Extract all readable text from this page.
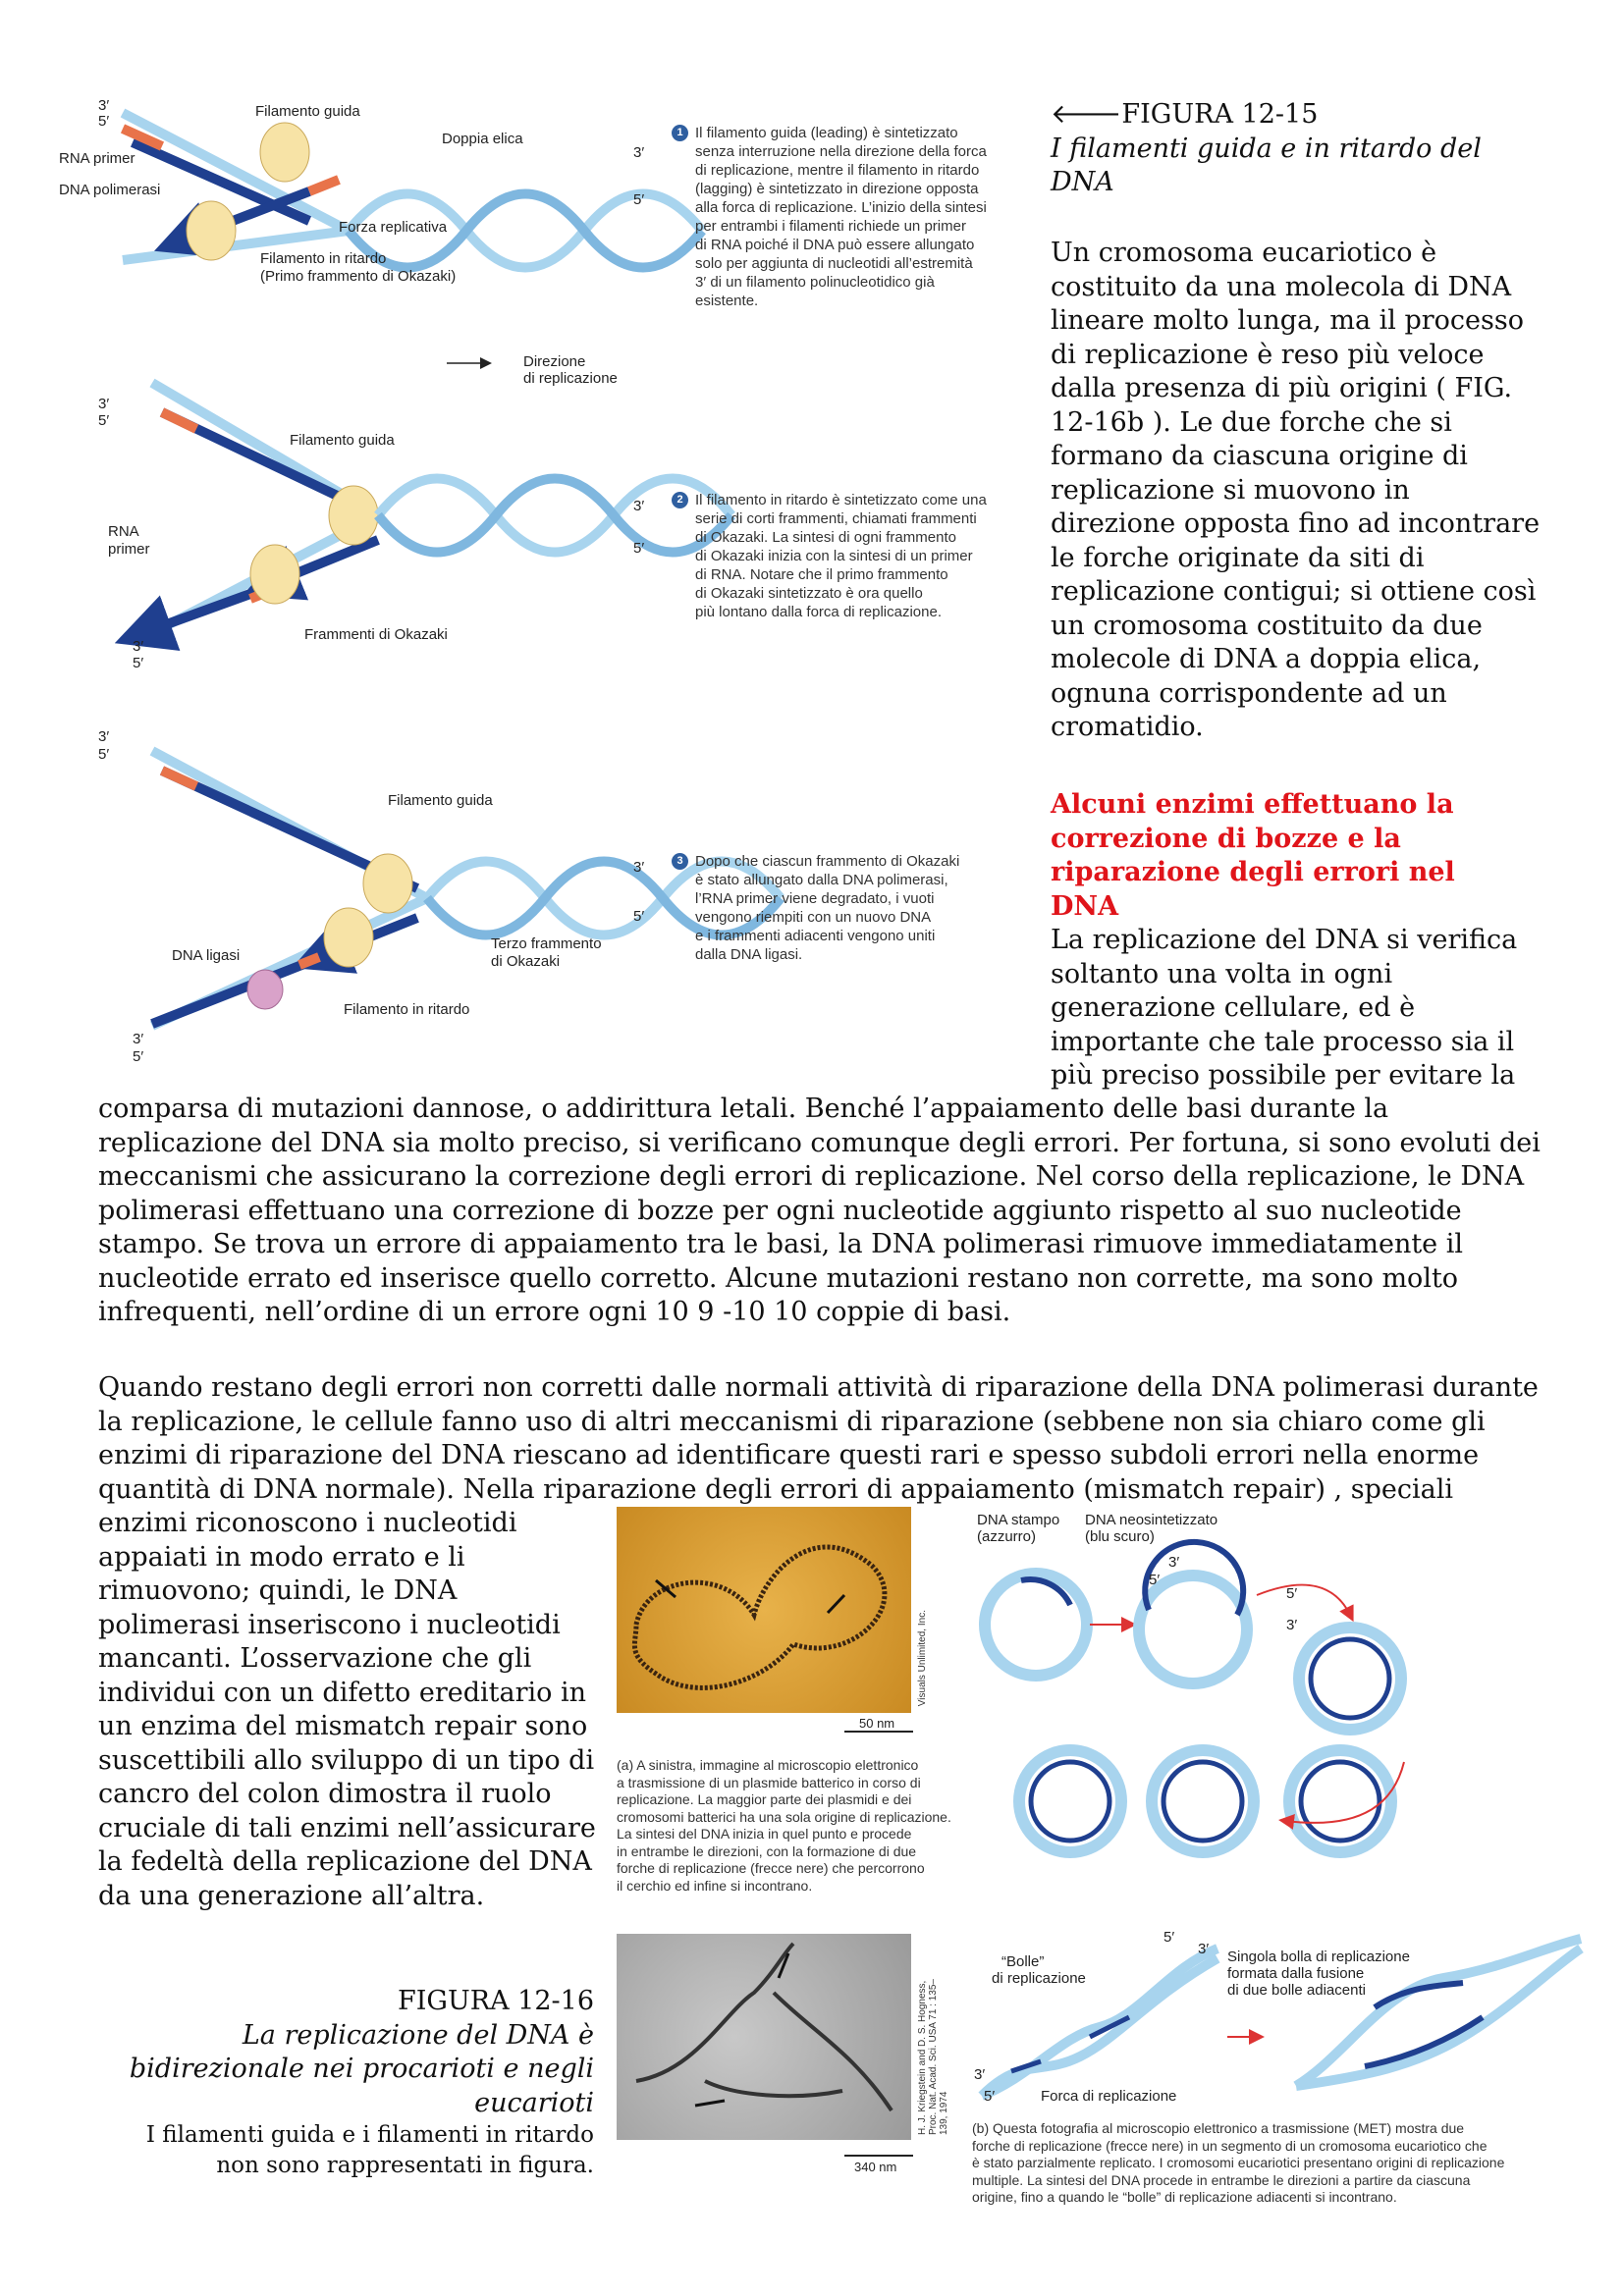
3′
5′
Filamento guida
Doppia elica
RNA primer
DNA polimerasi
Forza replicativa
Filamento in ritardo
(Primo frammento di Okazaki)
3′
5′
Direzione
di replicazione
3′
5′
Filamento guida
RNA
primer
Frammenti di Okazaki
3′
5′
3′
5′
3′
5′
Filamento guida
DNA ligasi
Terzo frammento
di Okazaki
Filamento in ritardo
3′
5′
3′
5′
1 Il filamento guida (leading) è sintetizzato
senza interruzione nella direzione della forca
di replicazione, mentre il filamento in ritardo
(lagging) è sintetizzato in direzione opposta
alla forca di replicazione. L’inizio della sintesi
per entrambi i filamenti richiede un primer
di RNA poiché il DNA può essere allungato
solo per aggiunta di nucleotidi all’estremità
3′ di un filamento polinucleotidico già
esistente.
2 Il filamento in ritardo è sintetizzato come una
serie di corti frammenti, chiamati frammenti
di Okazaki. La sintesi di ogni frammento
di Okazaki inizia con la sintesi di un primer
di RNA. Notare che il primo frammento
di Okazaki sintetizzato è ora quello
più lontano dalla forca di replicazione.
3 Dopo che ciascun frammento di Okazaki
è stato allungato dalla DNA polimerasi,
l’RNA primer viene degradato, i vuoti
vengono riempiti con un nuovo DNA
e i frammenti adiacenti vengono uniti
dalla DNA ligasi.
🡐FIGURA 12-15
I filamenti guida e in ritardo del
DNA
Un cromosoma eucariotico è
costituito da una molecola di DNA
lineare molto lunga, ma il processo
di replicazione è reso più veloce
dalla presenza di più origini ( FIG.
12-16b ). Le due forche che si
formano da ciascuna origine di
replicazione si muovono in
direzione opposta fino ad incontrare
le forche originate da siti di
replicazione contigui; si ottiene così
un cromosoma costituito da due
molecole di DNA a doppia elica,
ognuna corrispondente ad un
cromatidio.
Alcuni enzimi effettuano la
correzione di bozze e la
riparazione degli errori nel
DNA
La replicazione del DNA si verifica
soltanto una volta in ogni
generazione cellulare, ed è
importante che tale processo sia il
più preciso possibile per evitare la
comparsa di mutazioni dannose, o addirittura letali. Benché l’appaiamento delle basi durante la
replicazione del DNA sia molto preciso, si verificano comunque degli errori. Per fortuna, si sono evoluti dei
meccanismi che assicurano la correzione degli errori di replicazione. Nel corso della replicazione, le DNA
polimerasi effettuano una correzione di bozze per ogni nucleotide aggiunto rispetto al suo nucleotide
stampo. Se trova un errore di appaiamento tra le basi, la DNA polimerasi rimuove immediatamente il
nucleotide errato ed inserisce quello corretto. Alcune mutazioni restano non corrette, ma sono molto
infrequenti, nell’ordine di un errore ogni 10 9 -10 10 coppie di basi.
Quando restano degli errori non corretti dalle normali attività di riparazione della DNA polimerasi durante
la replicazione, le cellule fanno uso di altri meccanismi di riparazione (sebbene non sia chiaro come gli
enzimi di riparazione del DNA riescano ad identificare questi rari e spesso subdoli errori nella enorme
quantità di DNA normale). Nella riparazione degli errori di appaiamento (mismatch repair) , speciali
enzimi riconoscono i nucleotidi
appaiati in modo errato e li
rimuovono; quindi, le DNA
polimerasi inseriscono i nucleotidi
mancanti. L’osservazione che gli
individui con un difetto ereditario in
un enzima del mismatch repair sono
suscettibili allo sviluppo di un tipo di
cancro del colon dimostra il ruolo
cruciale di tali enzimi nell’assicurare
la fedeltà della replicazione del DNA
da una generazione all’altra.
FIGURA 12-16
La replicazione del DNA è
bidirezionale nei procarioti e negli
eucarioti
I filamenti guida e i filamenti in ritardo
non sono rappresentati in figura.
Visuals Unlimited, Inc.
50 nm
(a) A sinistra, immagine al microscopio elettronico
a trasmissione di un plasmide batterico in corso di
replicazione. La maggior parte dei plasmidi e dei
cromosomi batterici ha una sola origine di replicazione.
La sintesi del DNA inizia in quel punto e procede
in entrambe le direzioni, con la formazione di due
forche di replicazione (frecce nere) che percorrono
il cerchio ed infine si incontrano.
DNA stampo
(azzurro)
DNA neosintetizzato
(blu scuro)
3′
5′
5′
3′
H. J. Kriegstein and D. S. Hogness, Proc. Nat. Acad. Sci. USA 71 : 135–139, 1974
340 nm
“Bolle”
di replicazione
Singola bolla di replicazione
formata dalla fusione
di due bolle adiacenti
Forca di replicazione
5′
3′
3′
5′
(b) Questa fotografia al microscopio elettronico a trasmissione (MET) mostra due
forche di replicazione (frecce nere) in un segmento di un cromosoma eucariotico che
è stato parzialmente replicato. I cromosomi eucariotici presentano origini di replicazione
multiple. La sintesi del DNA procede in entrambe le direzioni a partire da ciascuna
origine, fino a quando le “bolle” di replicazione adiacenti si incontrano.
